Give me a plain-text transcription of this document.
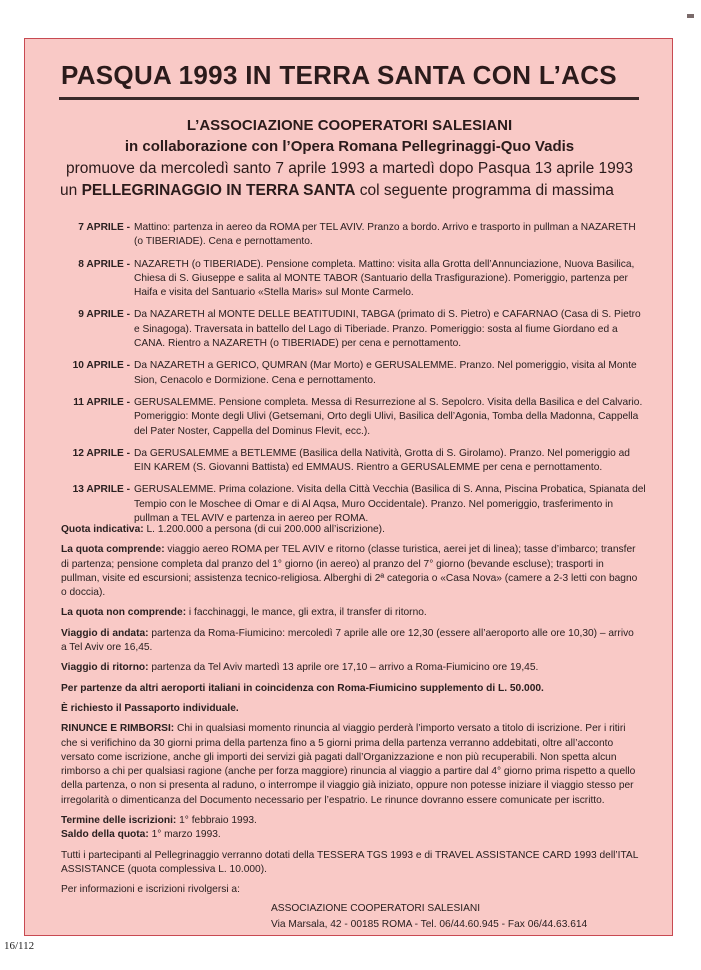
PASQUA 1993 IN TERRA SANTA CON L’ACS
L’ASSOCIAZIONE COOPERATORI SALESIANI
in collaborazione con l’Opera Romana Pellegrinaggi-Quo Vadis
promuove da mercoledì santo 7 aprile 1993 a martedì dopo Pasqua 13 aprile 1993
un PELLEGRINAGGIO IN TERRA SANTA col seguente programma di massima
7 APRILE - Mattino: partenza in aereo da ROMA per TEL AVIV. Pranzo a bordo. Arrivo e trasporto in pullman a NAZARETH (o TIBERIADE). Cena e pernottamento.
8 APRILE - NAZARETH (o TIBERIADE). Pensione completa. Mattino: visita alla Grotta dell’Annunciazione, Nuova Basilica, Chiesa di S. Giuseppe e salita al MONTE TABOR (Santuario della Trasfigurazione). Pomeriggio, partenza per Haifa e visita del Santuario «Stella Maris» sul Monte Carmelo.
9 APRILE - Da NAZARETH al MONTE DELLE BEATITUDINI, TABGA (primato di S. Pietro) e CAFARNAO (Casa di S. Pietro e Sinagoga). Traversata in battello del Lago di Tiberiade. Pranzo. Pomeriggio: sosta al fiume Giordano ed a CANA. Rientro a NAZARETH (o TIBERIADE) per cena e pernottamento.
10 APRILE - Da NAZARETH a GERICO, QUMRAN (Mar Morto) e GERUSALEMME. Pranzo. Nel pomeriggio, visita al Monte Sion, Cenacolo e Dormizione. Cena e pernottamento.
11 APRILE - GERUSALEMME. Pensione completa. Messa di Resurrezione al S. Sepolcro. Visita della Basilica e del Calvario. Pomeriggio: Monte degli Ulivi (Getsemani, Orto degli Ulivi, Basilica dell’Agonia, Tomba della Madonna, Cappella del Pater Noster, Cappella del Dominus Flevit, ecc.).
12 APRILE - Da GERUSALEMME a BETLEMME (Basilica della Natività, Grotta di S. Girolamo). Pranzo. Nel pomeriggio ad EIN KAREM (S. Giovanni Battista) ed EMMAUS. Rientro a GERUSALEMME per cena e pernottamento.
13 APRILE - GERUSALEMME. Prima colazione. Visita della Città Vecchia (Basilica di S. Anna, Piscina Probatica, Spianata del Tempio con le Moschee di Omar e di Al Aqsa, Muro Occidentale). Pranzo. Nel pomeriggio, trasferimento in pullman a TEL AVIV e partenza in aereo per ROMA.

Quota indicativa: L. 1.200.000 a persona (di cui 200.000 all’iscrizione).

La quota comprende: viaggio aereo ROMA per TEL AVIV e ritorno (classe turistica, aerei jet di linea); tasse d’imbarco; transfer di partenza; pensione completa dal pranzo del 1° giorno (in aereo) al pranzo del 7° giorno (bevande escluse); trasporti in pullman, visite ed escursioni; assistenza tecnico-religiosa. Alberghi di 2ª categoria o «Casa Nova» (camere a 2-3 letti con bagno o doccia).

La quota non comprende: i facchinaggi, le mance, gli extra, il transfer di ritorno.

Viaggio di andata: partenza da Roma-Fiumicino: mercoledì 7 aprile alle ore 12,30 (essere all’aeroporto alle ore 10,30) – arrivo a Tel Aviv ore 16,45.

Viaggio di ritorno: partenza da Tel Aviv martedì 13 aprile ore 17,10 – arrivo a Roma-Fiumicino ore 19,45.

Per partenze da altri aeroporti italiani in coincidenza con Roma-Fiumicino supplemento di L. 50.000.

È richiesto il Passaporto individuale.

RINUNCE E RIMBORSI: Chi in qualsiasi momento rinuncia al viaggio perderà l’importo versato a titolo di iscrizione. Per i ritiri che si verifichino da 30 giorni prima della partenza fino a 5 giorni prima della partenza verranno addebitati, oltre all’acconto versato come iscrizione, anche gli importi dei servizi già pagati dall’Organizzazione e non più recuperabili. Non spetta alcun rimborso a chi per qualsiasi ragione (anche per forza maggiore) rinuncia al viaggio a partire dal 4° giorno prima rispetto a quello della partenza, o non si presenta al raduno, o interrompe il viaggio già iniziato, oppure non potesse iniziare il viaggio stesso per irregolarità o dimenticanza del Documento necessario per l’espatrio. Le rinunce dovranno essere comunicate per iscritto.

Termine delle iscrizioni: 1° febbraio 1993.

Saldo della quota: 1° marzo 1993.

Tutti i partecipanti al Pellegrinaggio verranno dotati della TESSERA TGS 1993 e di TRAVEL ASSISTANCE CARD 1993 dell’ITAL ASSISTANCE (quota complessiva L. 10.000).

Per informazioni e iscrizioni rivolgersi a:

ASSOCIAZIONE COOPERATORI SALESIANI
Via Marsala, 42 - 00185 ROMA - Tel. 06/44.60.945 - Fax 06/44.63.614
16/112
